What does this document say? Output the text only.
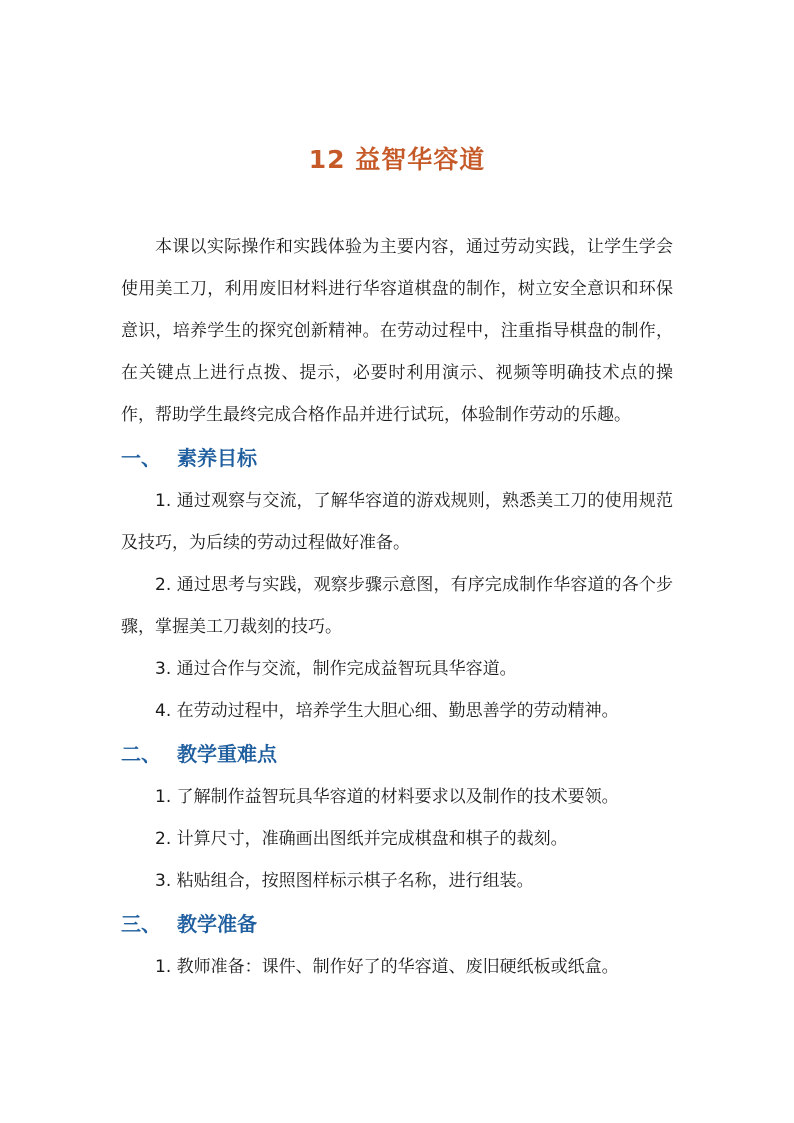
12 益智华容道

本课以实际操作和实践体验为主要内容，通过劳动实践，让学生学会使用美工刀，利用废旧材料进行华容道棋盘的制作，树立安全意识和环保意识，培养学生的探究创新精神。在劳动过程中，注重指导棋盘的制作，在关键点上进行点拨、提示，必要时利用演示、视频等明确技术点的操作，帮助学生最终完成合格作品并进行试玩，体验制作劳动的乐趣。

一、 素养目标

1. 通过观察与交流，了解华容道的游戏规则，熟悉美工刀的使用规范及技巧，为后续的劳动过程做好准备。

2. 通过思考与实践，观察步骤示意图，有序完成制作华容道的各个步骤，掌握美工刀裁刻的技巧。

3. 通过合作与交流，制作完成益智玩具华容道。

4. 在劳动过程中，培养学生大胆心细、勤思善学的劳动精神。

二、 教学重难点

1. 了解制作益智玩具华容道的材料要求以及制作的技术要领。

2. 计算尺寸，准确画出图纸并完成棋盘和棋子的裁刻。

3. 粘贴组合，按照图样标示棋子名称，进行组装。

三、 教学准备

1. 教师准备：课件、制作好了的华容道、废旧硬纸板或纸盒。
